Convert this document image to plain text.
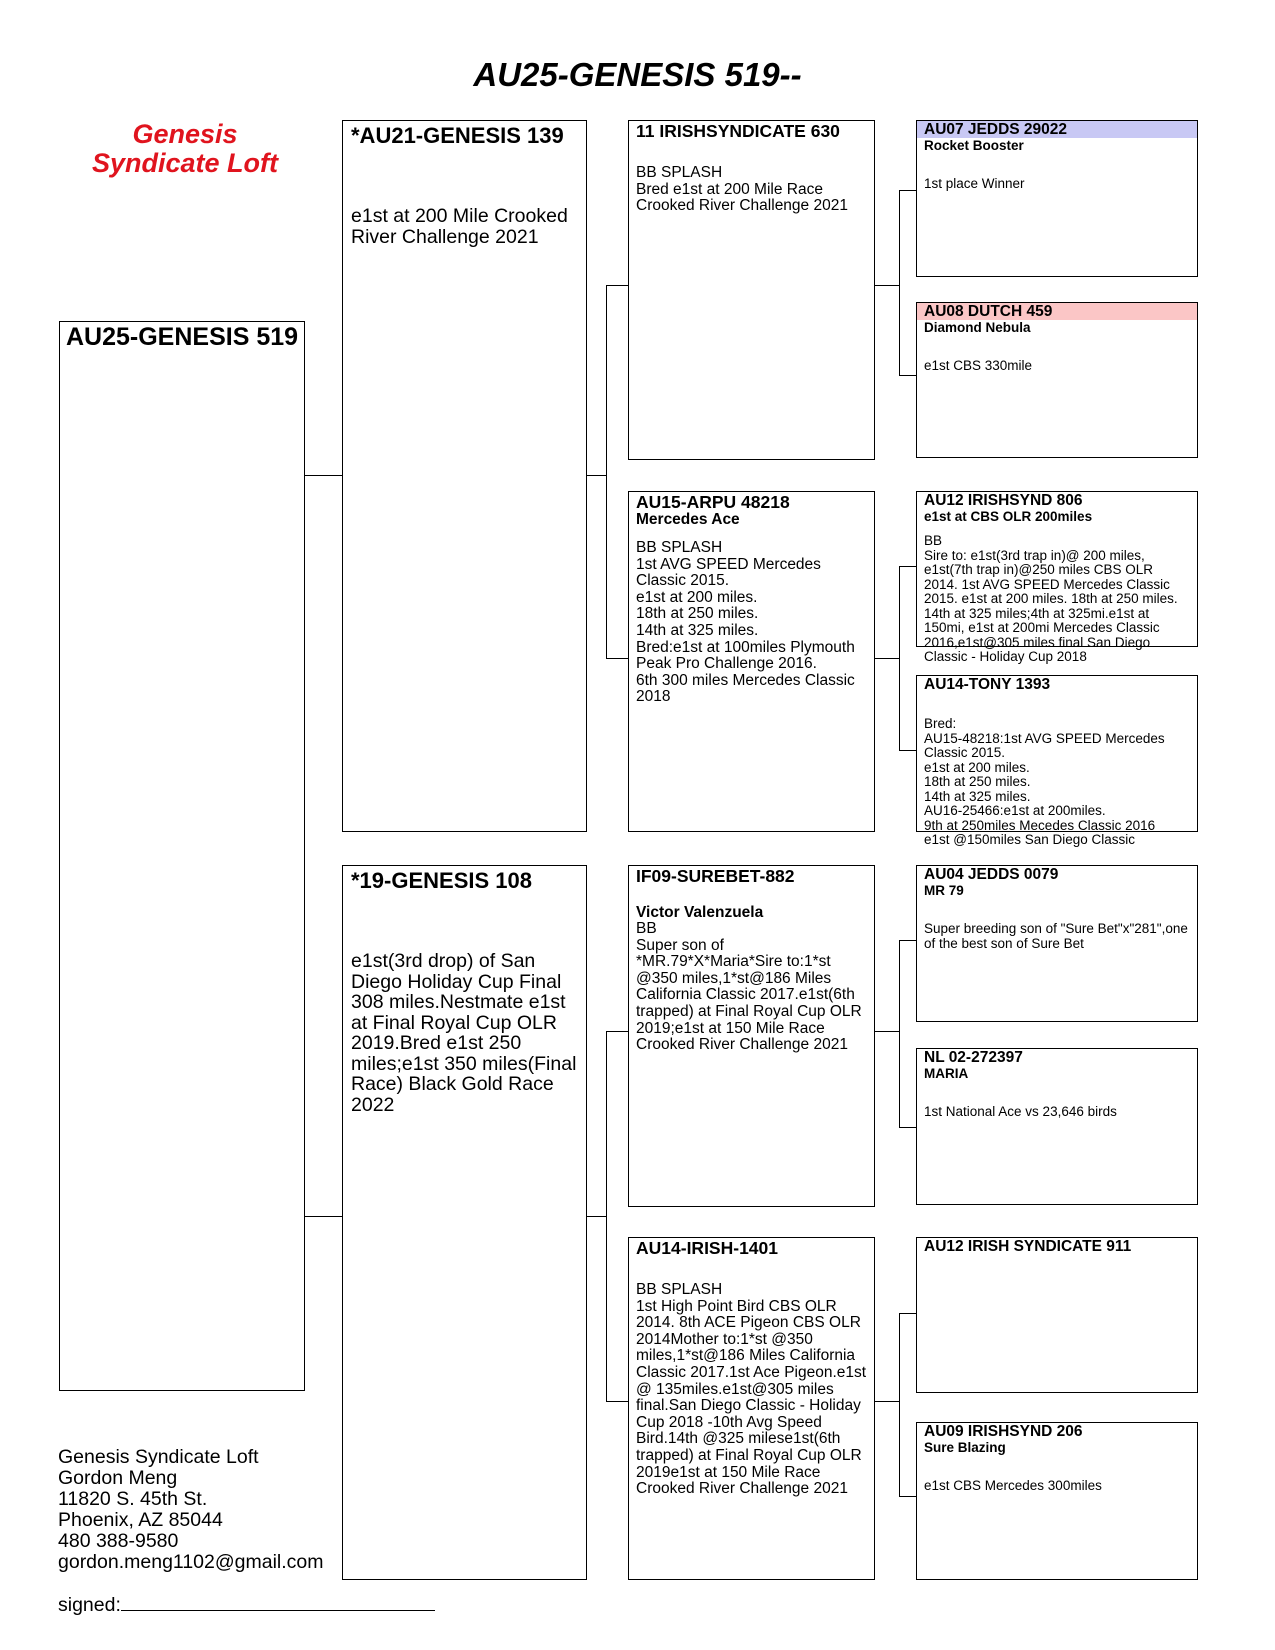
AU25-GENESIS 519--
Genesis
Syndicate Loft
AU25-GENESIS 519
*AU21-GENESIS 139
e1st at 200 Mile Crooked River Challenge 2021
*19-GENESIS 108
e1st(3rd drop) of San Diego Holiday Cup Final 308 miles.Nestmate e1st at Final Royal Cup OLR 2019.Bred e1st 250 miles;e1st 350 miles(Final Race) Black Gold Race 2022
11 IRISHSYNDICATE 630
BB SPLASH
Bred e1st at 200 Mile Race Crooked River Challenge 2021
AU15-ARPU 48218
Mercedes Ace
BB SPLASH
1st AVG SPEED Mercedes Classic 2015.
e1st at 200 miles.
18th at 250 miles.
14th at 325 miles.
Bred:e1st at 100miles Plymouth Peak Pro Challenge 2016.
6th 300 miles Mercedes Classic 2018
IF09-SUREBET-882
Victor Valenzuela
BB
Super son of *MR.79*X*Maria*Sire to:1*st @350 miles,1*st@186 Miles California Classic 2017.e1st(6th trapped) at Final Royal Cup OLR 2019;e1st at 150 Mile Race Crooked River Challenge 2021
AU14-IRISH-1401
BB SPLASH
1st High Point Bird CBS OLR 2014. 8th ACE Pigeon CBS OLR 2014Mother to:1*st @350 miles,1*st@186 Miles California Classic 2017.1st Ace Pigeon.e1st @ 135miles.e1st@305 miles final.San Diego Classic - Holiday Cup 2018 -10th Avg Speed Bird.14th @325 milese1st(6th trapped) at Final Royal Cup OLR 2019e1st at 150 Mile Race Crooked River Challenge 2021
AU07 JEDDS 29022
Rocket Booster
1st place Winner
AU08 DUTCH 459
Diamond Nebula
e1st CBS 330mile
AU12 IRISHSYND 806
e1st at CBS OLR 200miles
BB
Sire to: e1st(3rd trap in)@ 200 miles, e1st(7th trap in)@250 miles CBS OLR 2014. 1st AVG SPEED Mercedes Classic 2015. e1st at 200 miles. 18th at 250 miles. 14th at 325 miles;4th at 325mi.e1st at 150mi, e1st at 200mi Mercedes Classic 2016,e1st@305 miles final San Diego Classic - Holiday Cup 2018
AU14-TONY 1393
Bred:
AU15-48218:1st AVG SPEED Mercedes Classic 2015.
e1st at 200 miles.
18th at 250 miles.
14th at 325 miles.
AU16-25466:e1st at 200miles.
9th at 250miles Mecedes Classic 2016
e1st @150miles San Diego Classic
AU04 JEDDS 0079
MR 79
Super breeding son of "Sure Bet"x"281",one of the best son of Sure Bet
NL 02-272397
MARIA
1st National Ace vs 23,646 birds
AU12 IRISH SYNDICATE 911
AU09 IRISHSYND 206
Sure Blazing
e1st CBS Mercedes 300miles
Genesis Syndicate Loft
Gordon Meng
11820 S. 45th St.
Phoenix, AZ 85044
480 388-9580
gordon.meng1102@gmail.com
signed:
